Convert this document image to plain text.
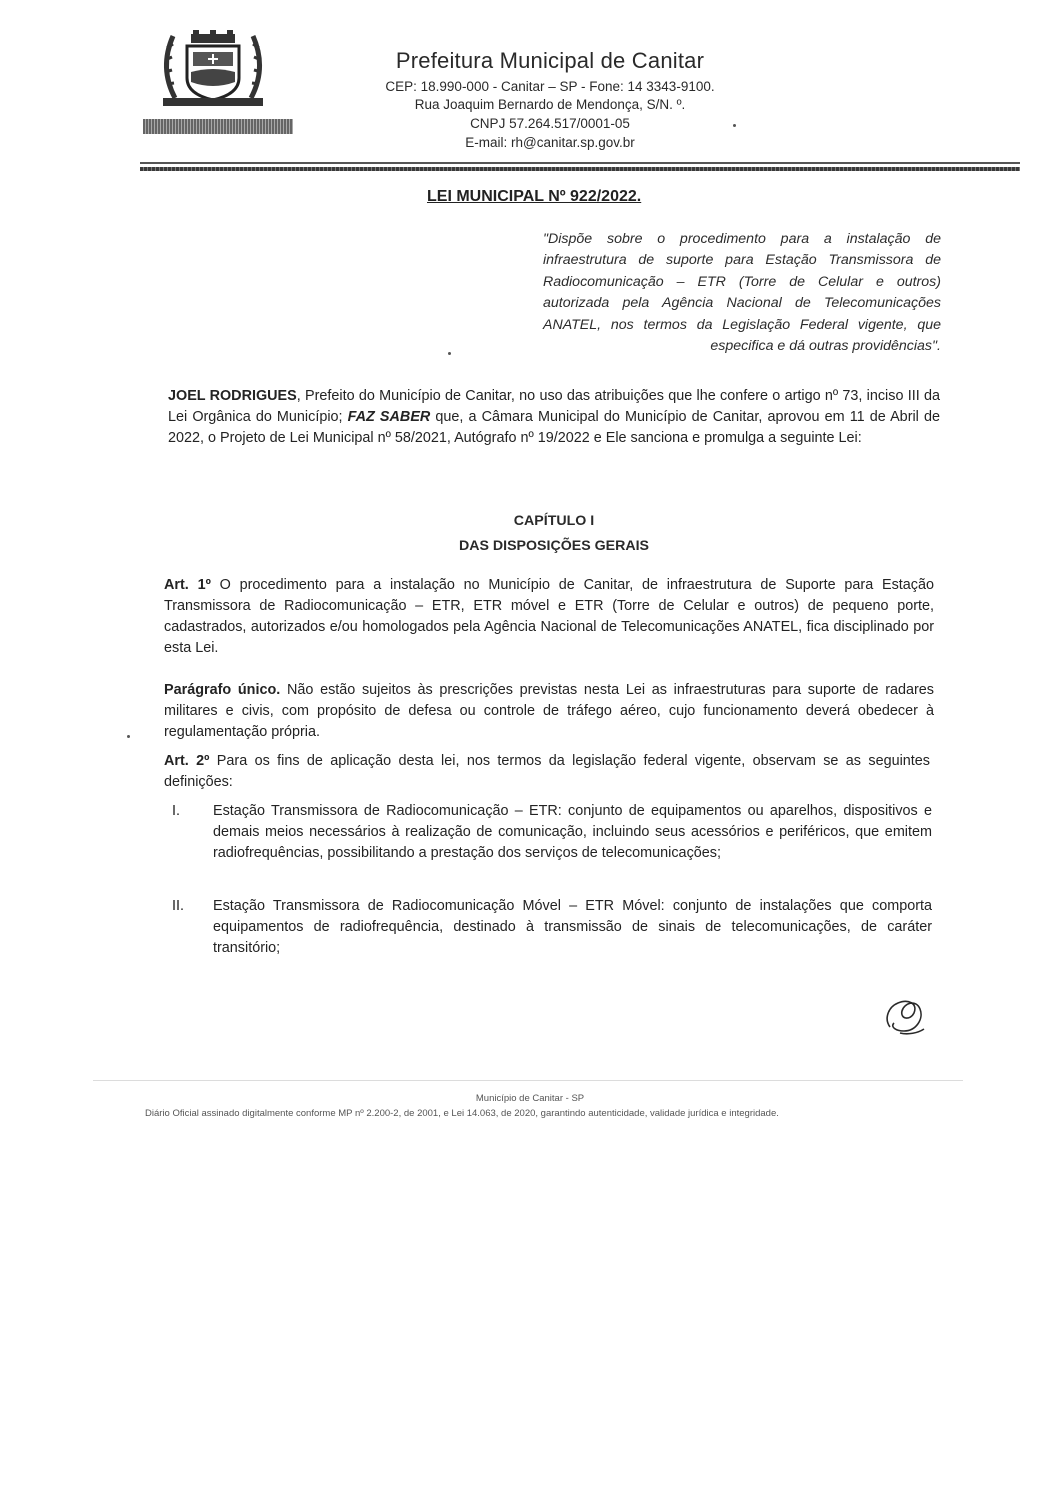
Prefeitura Municipal de Canitar
CEP: 18.990-000 - Canitar – SP - Fone: 14 3343-9100.
Rua Joaquim Bernardo de Mendonça, S/N. º.
CNPJ 57.264.517/0001-05
E-mail: rh@canitar.sp.gov.br
LEI MUNICIPAL Nº 922/2022.
"Dispõe sobre o procedimento para a instalação de infraestrutura de suporte para Estação Transmissora de Radiocomunicação – ETR (Torre de Celular e outros) autorizada pela Agência Nacional de Telecomunicações ANATEL, nos termos da Legislação Federal vigente, que especifica e dá outras providências".
JOEL RODRIGUES, Prefeito do Município de Canitar, no uso das atribuições que lhe confere o artigo nº 73, inciso III da Lei Orgânica do Município; FAZ SABER que, a Câmara Municipal do Município de Canitar, aprovou em 11 de Abril de 2022, o Projeto de Lei Municipal nº 58/2021, Autógrafo nº 19/2022 e Ele sanciona e promulga a seguinte Lei:
CAPÍTULO I
DAS DISPOSIÇÕES GERAIS
Art. 1º O procedimento para a instalação no Município de Canitar, de infraestrutura de Suporte para Estação Transmissora de Radiocomunicação – ETR, ETR móvel e ETR (Torre de Celular e outros) de pequeno porte, cadastrados, autorizados e/ou homologados pela Agência Nacional de Telecomunicações ANATEL, fica disciplinado por esta Lei.
Parágrafo único. Não estão sujeitos às prescrições previstas nesta Lei as infraestruturas para suporte de radares militares e civis, com propósito de defesa ou controle de tráfego aéreo, cujo funcionamento deverá obedecer à regulamentação própria.
Art. 2º Para os fins de aplicação desta lei, nos termos da legislação federal vigente, observam se as seguintes definições:
I.	Estação Transmissora de Radiocomunicação – ETR: conjunto de equipamentos ou aparelhos, dispositivos e demais meios necessários à realização de comunicação, incluindo seus acessórios e periféricos, que emitem radiofrequências, possibilitando a prestação dos serviços de telecomunicações;
II.	Estação Transmissora de Radiocomunicação Móvel – ETR Móvel: conjunto de instalações que comporta equipamentos de radiofrequência, destinado à transmissão de sinais de telecomunicações, de caráter transitório;
Município de Canitar - SP
Diário Oficial assinado digitalmente conforme MP nº 2.200-2, de 2001, e Lei 14.063, de 2020, garantindo autenticidade, validade jurídica e integridade.
